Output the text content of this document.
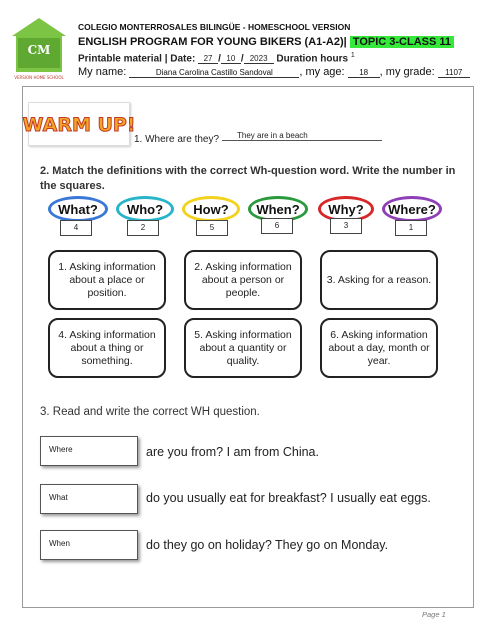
CM
VERSION HOME SCHOOL
COLEGIO MONTERROSALES BILINGÜE - HOMESCHOOL VERSION
ENGLISH PROGRAM FOR YOUNG BIKERS (A1-A2)| TOPIC 3-CLASS 11
Printable material | Date: 27 / 10 / 2023 Duration hours $^1$
My name:	Diana Carolina Castillo Sandoval , my age: 18 , my grade: 1107
WARM UP!
1. Where are they? They are in a beach
2. Match the definitions with the correct Wh-question word. Write the number in the squares.
What? Who? How? When? Why? Where?
4	2	5	6	3	1
1. Asking information about a place or position.
2. Asking information about a person or people.
3. Asking for a reason.
4. Asking information about a thing or something.
5. Asking information about a quantity or quality.
6. Asking information about a day, month or year.
3. Read and write the correct WH question.
Where	are you from? I am from China.
What	do you usually eat for breakfast? I usually eat eggs.
When	do they go on holiday? They go on Monday.
Page 1
